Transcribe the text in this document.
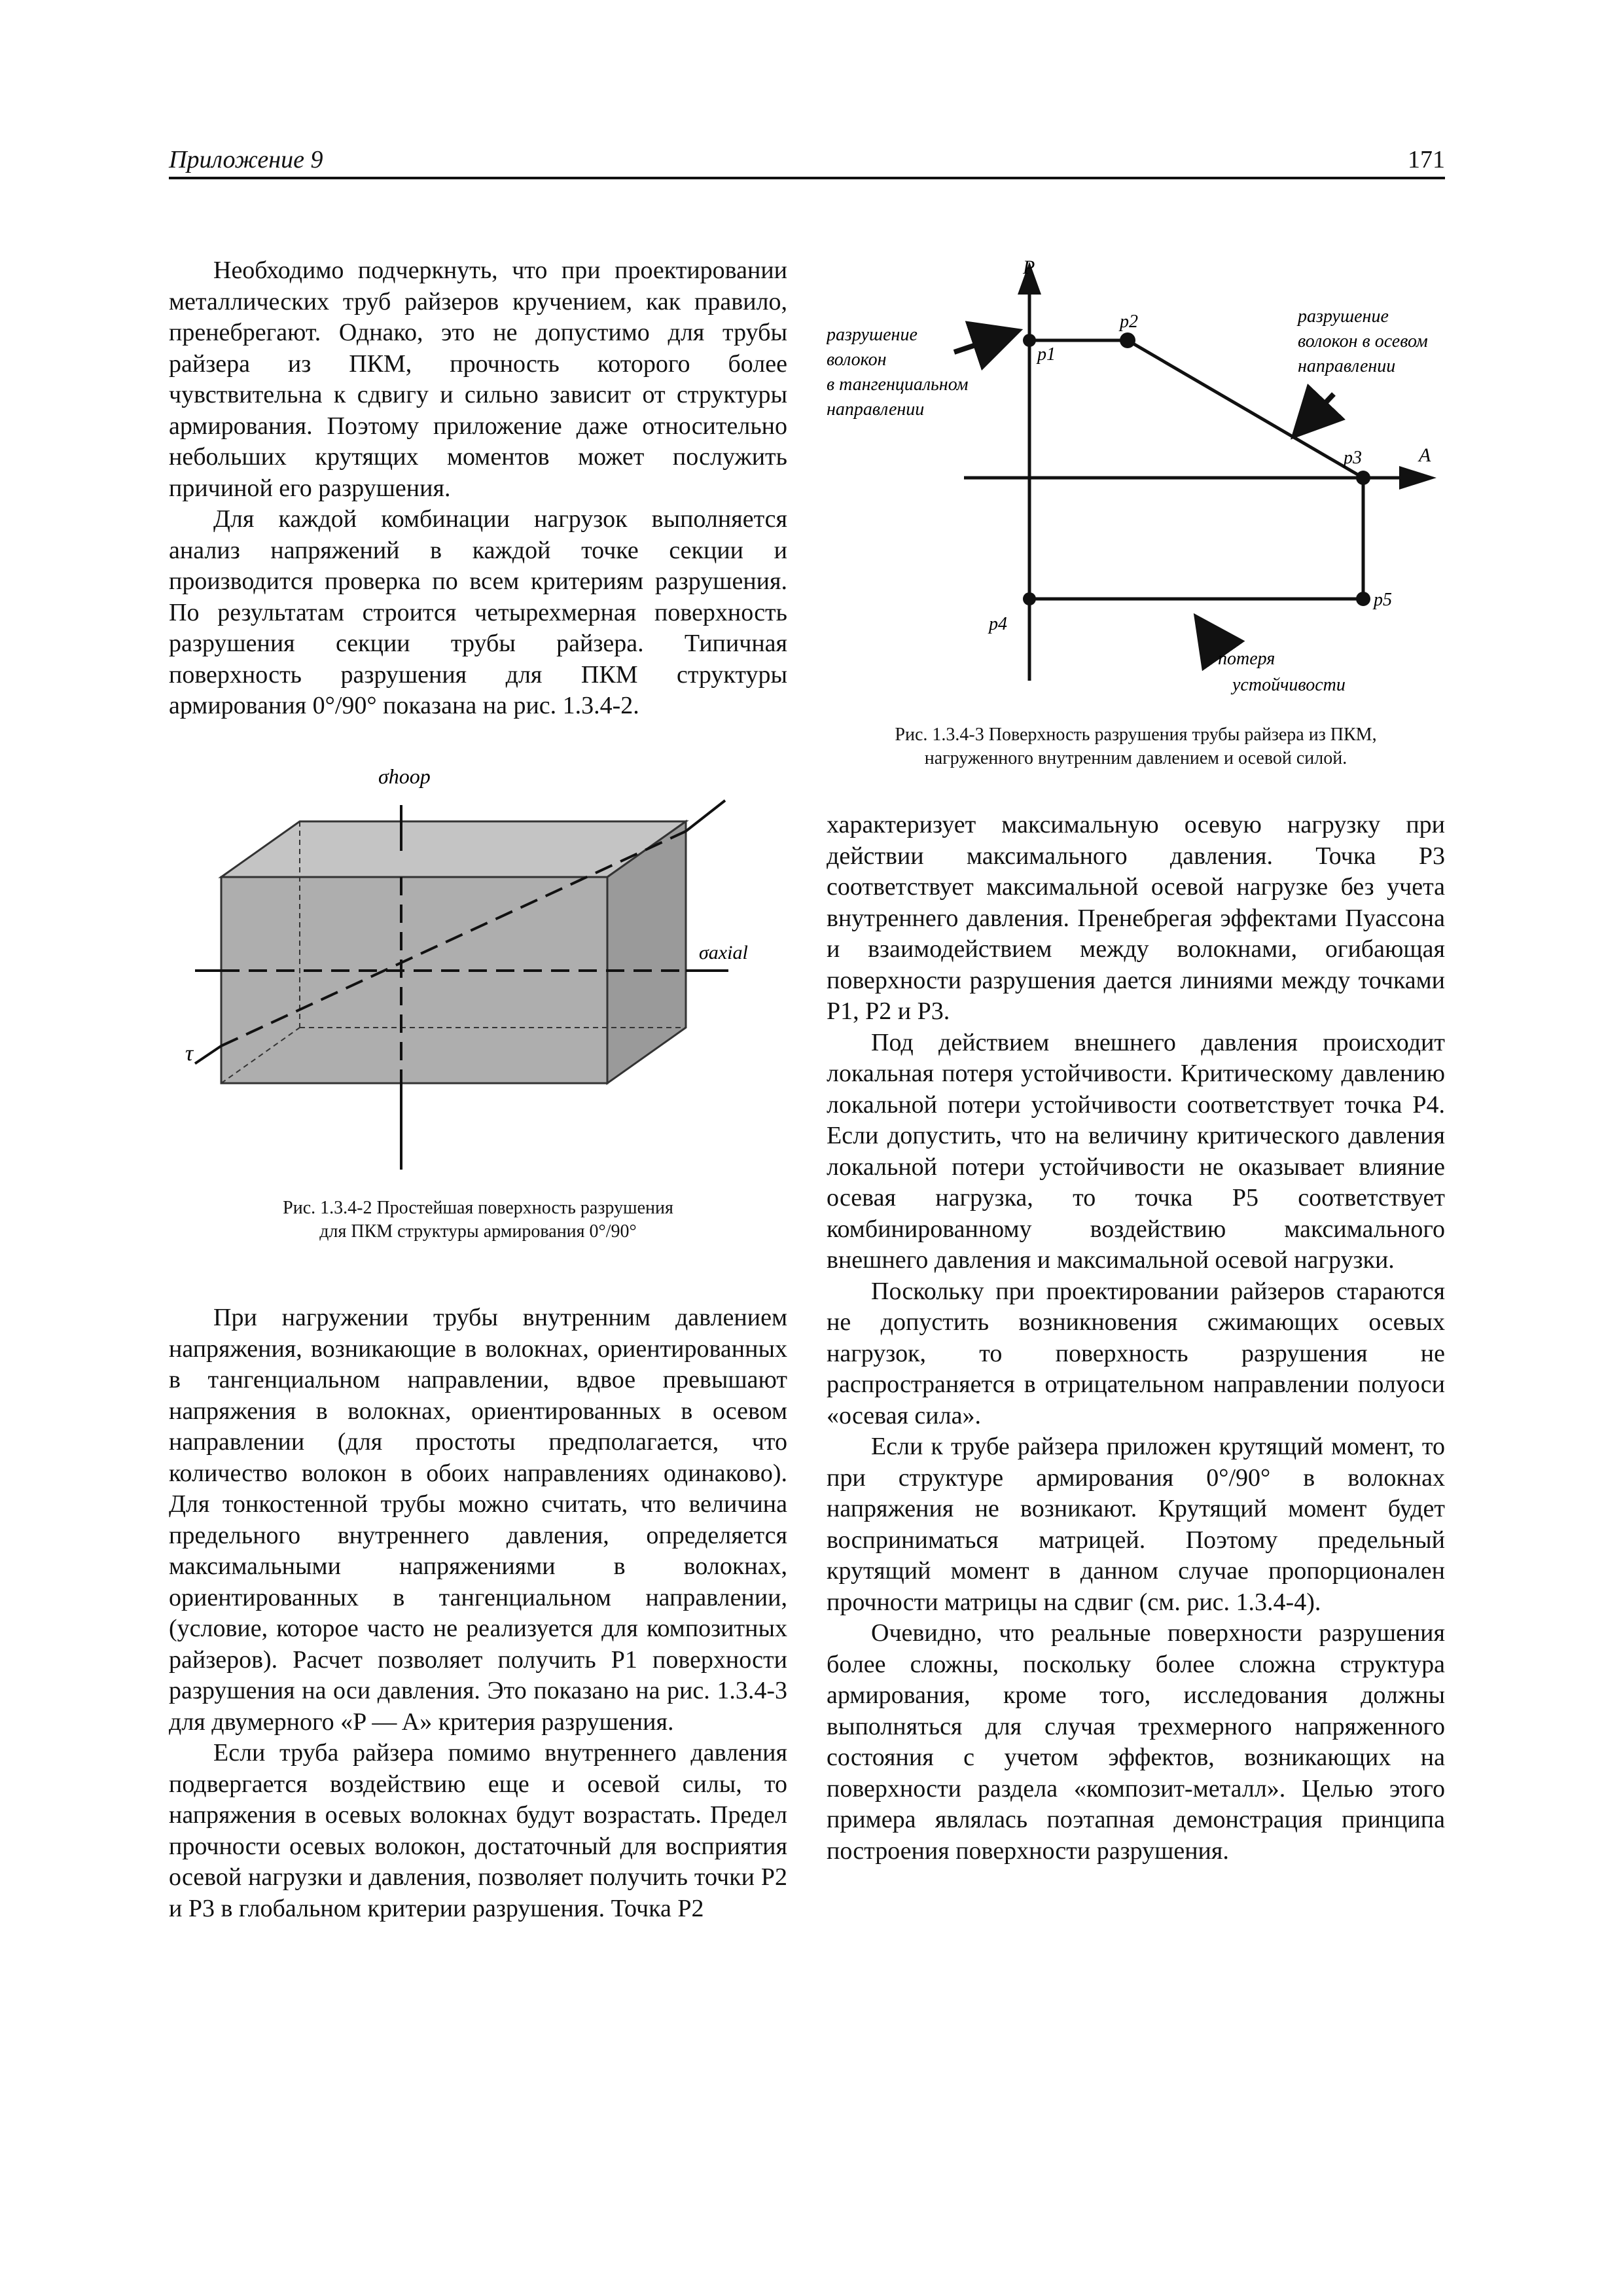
Приложение 9	171

Необходимо подчеркнуть, что при проектировании металлических труб райзеров кручением, как правило, пренебрегают. Однако, это не допустимо для трубы райзера из ПКМ, прочность которого более чувствительна к сдвигу и сильно зависит от структуры армирования. Поэтому приложение даже относительно небольших крутящих моментов может послужить причиной его разрушения.

Для каждой комбинации нагрузок выполняется анализ напряжений в каждой точке секции и производится проверка по всем критериям разрушения. По результатам строится четырехмерная поверхность разрушения секции трубы райзера. Типичная поверхность разрушения для ПКМ структуры армирования 0°/90° показана на рис. 1.3.4-2.

σhoop
σaxial
τ
Рис. 1.3.4-2 Простейшая поверхность разрушения
для ПКМ структуры армирования 0°/90°

При нагружении трубы внутренним давлением напряжения, возникающие в волокнах, ориентированных в тангенциальном направлении, вдвое превышают напряжения в волокнах, ориентированных в осевом направлении (для простоты предполагается, что количество волокон в обоих направлениях одинаково). Для тонкостенной трубы можно считать, что величина предельного внутреннего давления, определяется максимальными напряжениями в волокнах, ориентированных в тангенциальном направлении, (условие, которое часто не реализуется для композитных райзеров). Расчет позволяет получить P1 поверхности разрушения на оси давления. Это показано на рис. 1.3.4-3 для двумерного «P — A» критерия разрушения.

Если труба райзера помимо внутреннего давления подвергается воздействию еще и осевой силы, то напряжения в осевых волокнах будут возрастать. Предел прочности осевых волокон, достаточный для восприятия осевой нагрузки и давления, позволяет получить точки P2 и P3 в глобальном критерии разрушения. Точка P2

P
A
p1
p2
p3
p4
p5
разрушение волокон в тангенциальном направлении
разрушение волокон в осевом направлении
потеря устойчивости
Рис. 1.3.4-3 Поверхность разрушения трубы райзера из ПКМ,
нагруженного внутренним давлением и осевой силой.

характеризует максимальную осевую нагрузку при действии максимального давления. Точка P3 соответствует максимальной осевой нагрузке без учета внутреннего давления. Пренебрегая эффектами Пуассона и взаимодействием между волокнами, огибающая поверхности разрушения дается линиями между точками P1, P2 и P3.

Под действием внешнего давления происходит локальная потеря устойчивости. Критическому давлению локальной потери устойчивости соответствует точка P4. Если допустить, что на величину критического давления локальной потери устойчивости не оказывает влияние осевая нагрузка, то точка P5 соответствует комбинированному воздействию максимального внешнего давления и максимальной осевой нагрузки.

Поскольку при проектировании райзеров стараются не допустить возникновения сжимающих осевых нагрузок, то поверхность разрушения не распространяется в отрицательном направлении полуоси «осевая сила».

Если к трубе райзера приложен крутящий момент, то при структуре армирования 0°/90° в волокнах напряжения не возникают. Крутящий момент будет восприниматься матрицей. Поэтому предельный крутящий момент в данном случае пропорционален прочности матрицы на сдвиг (см. рис. 1.3.4-4).

Очевидно, что реальные поверхности разрушения более сложны, поскольку более сложна структура армирования, кроме того, исследования должны выполняться для случая трехмерного напряженного состояния с учетом эффектов, возникающих на поверхности раздела «композит-металл». Целью этого примера являлась поэтапная демонстрация принципа построения поверхности разрушения.
